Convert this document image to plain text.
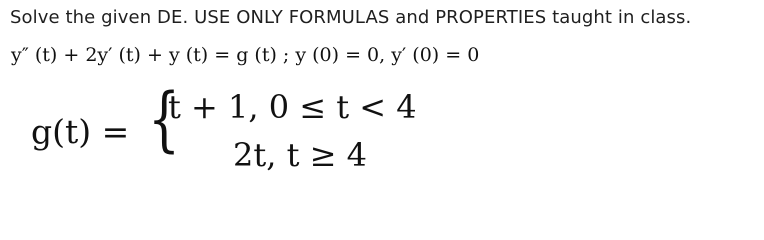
Solve the given DE. USE ONLY FORMULAS and PROPERTIES taught in class.
y″ (t) + 2y′ (t) + y (t) = g (t) ; y (0) = 0, y′ (0) = 0
g(t) = {
t + 1, 0 ≤ t < 4
2t, t ≥ 4
